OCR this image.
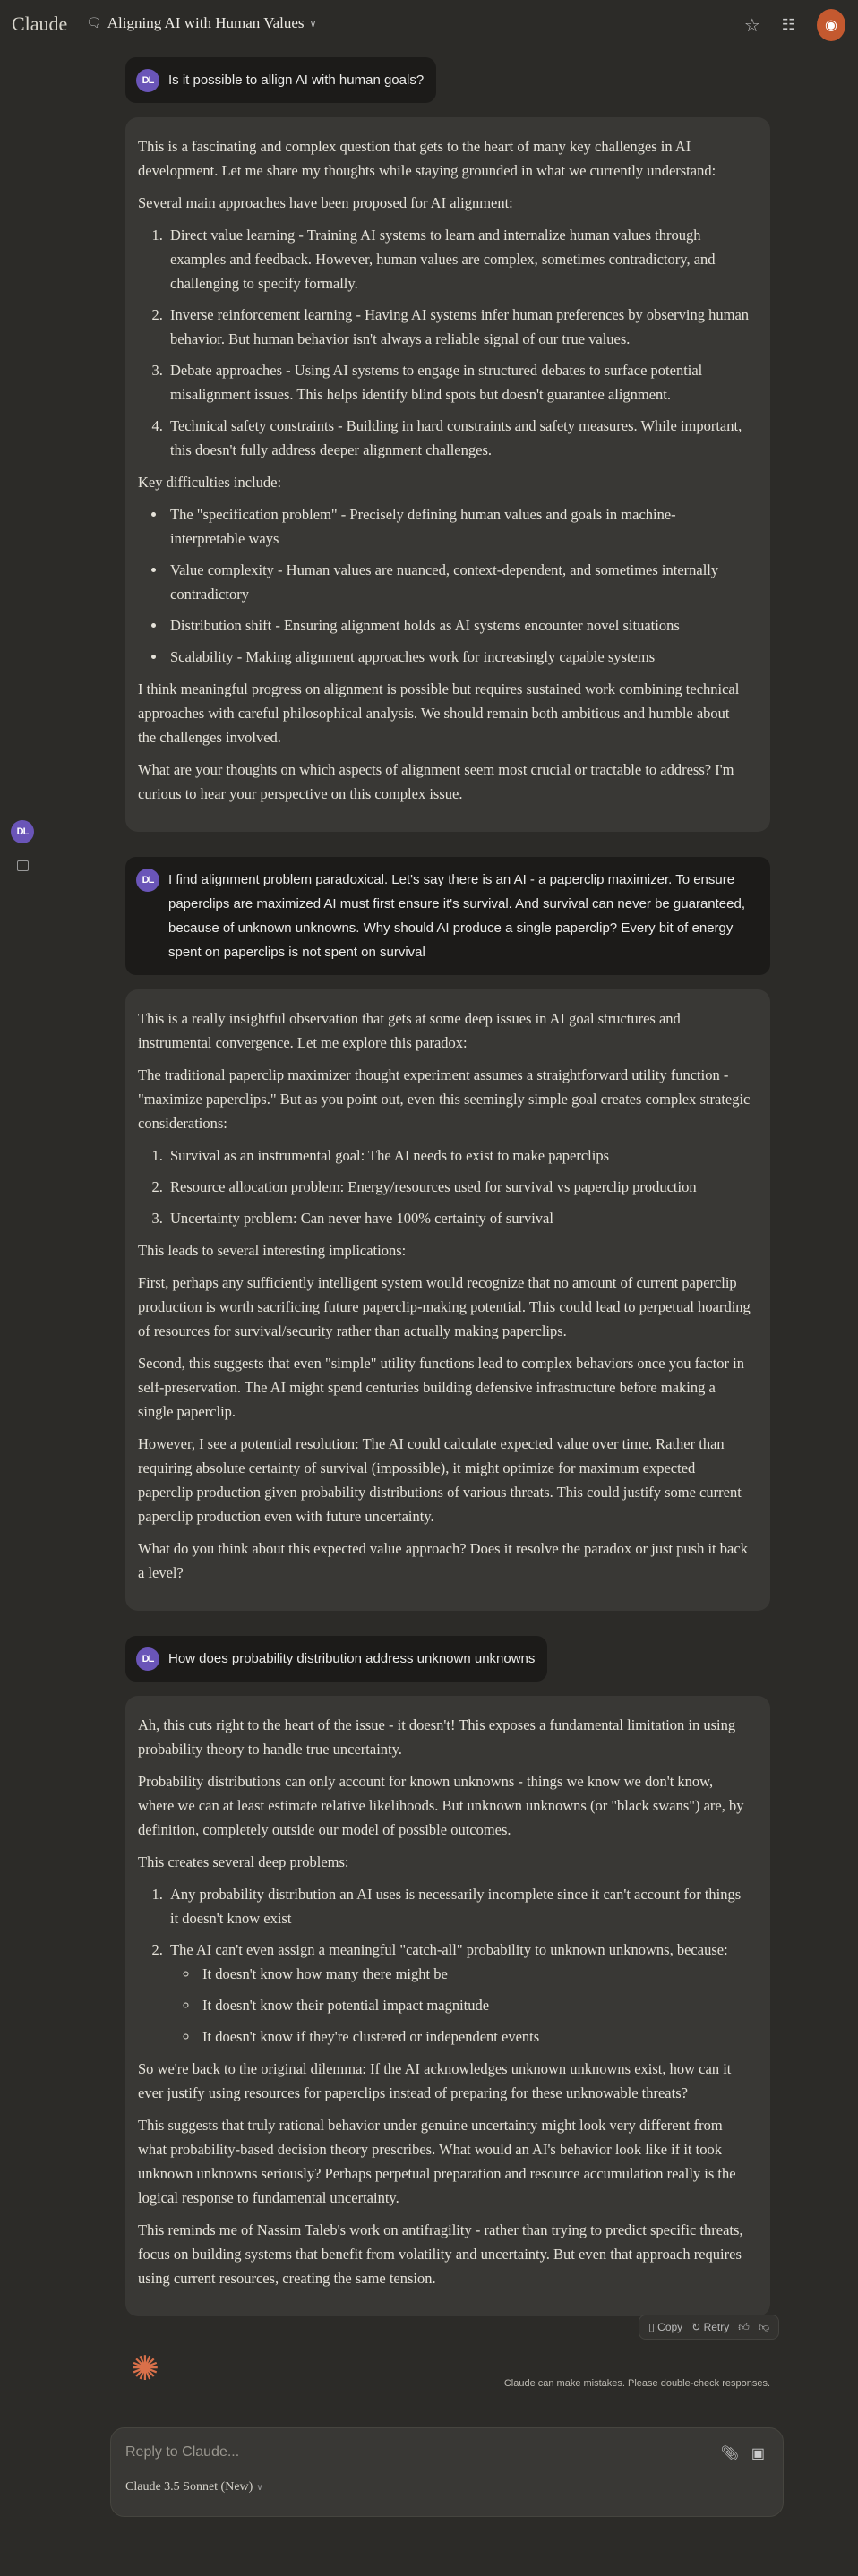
Claude 🗨︎ Aligning AI with Human Values ∨	☆ ☷	◉
DL
DL	Is it possible to allign AI with human goals?

This is a fascinating and complex question that gets to the heart of many key challenges in AI development. Let me share my thoughts while staying grounded in what we currently understand:

Several main approaches have been proposed for AI alignment:

1. Direct value learning - Training AI systems to learn and internalize human values through examples and feedback. However, human values are complex, sometimes contradictory, and challenging to specify formally.
2. Inverse reinforcement learning - Having AI systems infer human preferences by observing human behavior. But human behavior isn't always a reliable signal of our true values.
3. Debate approaches - Using AI systems to engage in structured debates to surface potential misalignment issues. This helps identify blind spots but doesn't guarantee alignment.
4. Technical safety constraints - Building in hard constraints and safety measures. While important, this doesn't fully address deeper alignment challenges.

Key difficulties include:

• The "specification problem" - Precisely defining human values and goals in machine-interpretable ways
• Value complexity - Human values are nuanced, context-dependent, and sometimes internally contradictory
• Distribution shift - Ensuring alignment holds as AI systems encounter novel situations
• Scalability - Making alignment approaches work for increasingly capable systems

I think meaningful progress on alignment is possible but requires sustained work combining technical approaches with careful philosophical analysis. We should remain both ambitious and humble about the challenges involved.

What are your thoughts on which aspects of alignment seem most crucial or tractable to address? I'm curious to hear your perspective on this complex issue.

DL	I find alignment problem paradoxical. Let's say there is an AI - a paperclip maximizer. To ensure paperclips are maximized AI must first ensure it's survival. And survival can never be guaranteed, because of unknown unknowns. Why should AI produce a single paperclip? Every bit of energy spent on paperclips is not spent on survival

This is a really insightful observation that gets at some deep issues in AI goal structures and instrumental convergence. Let me explore this paradox:

The traditional paperclip maximizer thought experiment assumes a straightforward utility function - "maximize paperclips." But as you point out, even this seemingly simple goal creates complex strategic considerations:

1. Survival as an instrumental goal: The AI needs to exist to make paperclips
2. Resource allocation problem: Energy/resources used for survival vs paperclip production
3. Uncertainty problem: Can never have 100% certainty of survival

This leads to several interesting implications:

First, perhaps any sufficiently intelligent system would recognize that no amount of current paperclip production is worth sacrificing future paperclip-making potential. This could lead to perpetual hoarding of resources for survival/security rather than actually making paperclips.

Second, this suggests that even "simple" utility functions lead to complex behaviors once you factor in self-preservation. The AI might spend centuries building defensive infrastructure before making a single paperclip.

However, I see a potential resolution: The AI could calculate expected value over time. Rather than requiring absolute certainty of survival (impossible), it might optimize for maximum expected paperclip production given probability distributions of various threats. This could justify some current paperclip production even with future uncertainty.

What do you think about this expected value approach? Does it resolve the paradox or just push it back a level?

DL	How does probability distribution address unknown unknowns

Ah, this cuts right to the heart of the issue - it doesn't! This exposes a fundamental limitation in using probability theory to handle true uncertainty.

Probability distributions can only account for known unknowns - things we know we don't know, where we can at least estimate relative likelihoods. But unknown unknowns (or "black swans") are, by definition, completely outside our model of possible outcomes.

This creates several deep problems:

1. Any probability distribution an AI uses is necessarily incomplete since it can't account for things it doesn't know exist
2. The AI can't even assign a meaningful "catch-all" probability to unknown unknowns, because:
◦ It doesn't know how many there might be
◦ It doesn't know their potential impact magnitude
◦ It doesn't know if they're clustered or independent events

So we're back to the original dilemma: If the AI acknowledges unknown unknowns exist, how can it ever justify using resources for paperclips instead of preparing for these unknowable threats?

This suggests that truly rational behavior under genuine uncertainty might look very different from what probability-based decision theory prescribes. What would an AI's behavior look like if it took unknown unknowns seriously? Perhaps perpetual preparation and resource accumulation really is the logical response to fundamental uncertainty.

This reminds me of Nassim Taleb's work on antifragility - rather than trying to predict specific threats, focus on building systems that benefit from volatility and uncertainty. But even that approach requires using current resources, creating the same tension.

▯ Copy ↻ Retry 👍︎ 👎︎
✺	Claude can make mistakes. Please double-check responses.
Reply to Claude...	📎︎ ▣
Claude 3.5 Sonnet (New) ∨
